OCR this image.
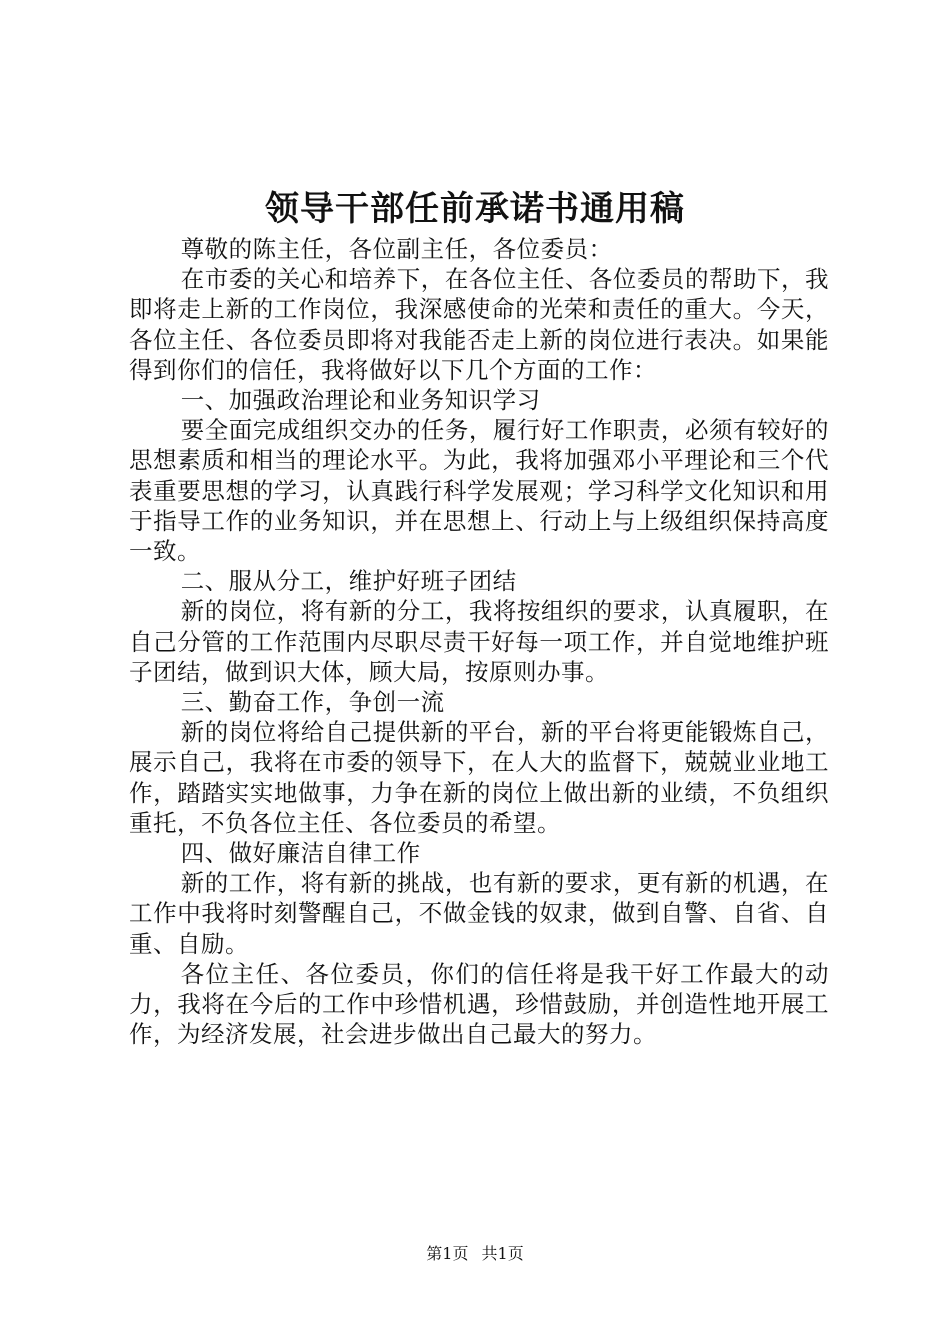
领导干部任前承诺书通用稿

尊敬的陈主任，各位副主任，各位委员：

在市委的关心和培养下，在各位主任、各位委员的帮助下，我即将走上新的工作岗位，我深感使命的光荣和责任的重大。今天，各位主任、各位委员即将对我能否走上新的岗位进行表决。如果能得到你们的信任，我将做好以下几个方面的工作：

一、加强政治理论和业务知识学习

要全面完成组织交办的任务，履行好工作职责，必须有较好的思想素质和相当的理论水平。为此，我将加强邓小平理论和三个代表重要思想的学习，认真践行科学发展观；学习科学文化知识和用于指导工作的业务知识，并在思想上、行动上与上级组织保持高度一致。

二、服从分工，维护好班子团结

新的岗位，将有新的分工，我将按组织的要求，认真履职，在自己分管的工作范围内尽职尽责干好每一项工作，并自觉地维护班子团结，做到识大体，顾大局，按原则办事。

三、勤奋工作，争创一流

新的岗位将给自己提供新的平台，新的平台将更能锻炼自己，展示自己，我将在市委的领导下，在人大的监督下，兢兢业业地工作，踏踏实实地做事，力争在新的岗位上做出新的业绩，不负组织重托，不负各位主任、各位委员的希望。

四、做好廉洁自律工作

新的工作，将有新的挑战，也有新的要求，更有新的机遇，在工作中我将时刻警醒自己，不做金钱的奴隶，做到自警、自省、自重、自励。

各位主任、各位委员，你们的信任将是我干好工作最大的动力，我将在今后的工作中珍惜机遇，珍惜鼓励，并创造性地开展工作，为经济发展，社会进步做出自己最大的努力。

第1页 共1页
